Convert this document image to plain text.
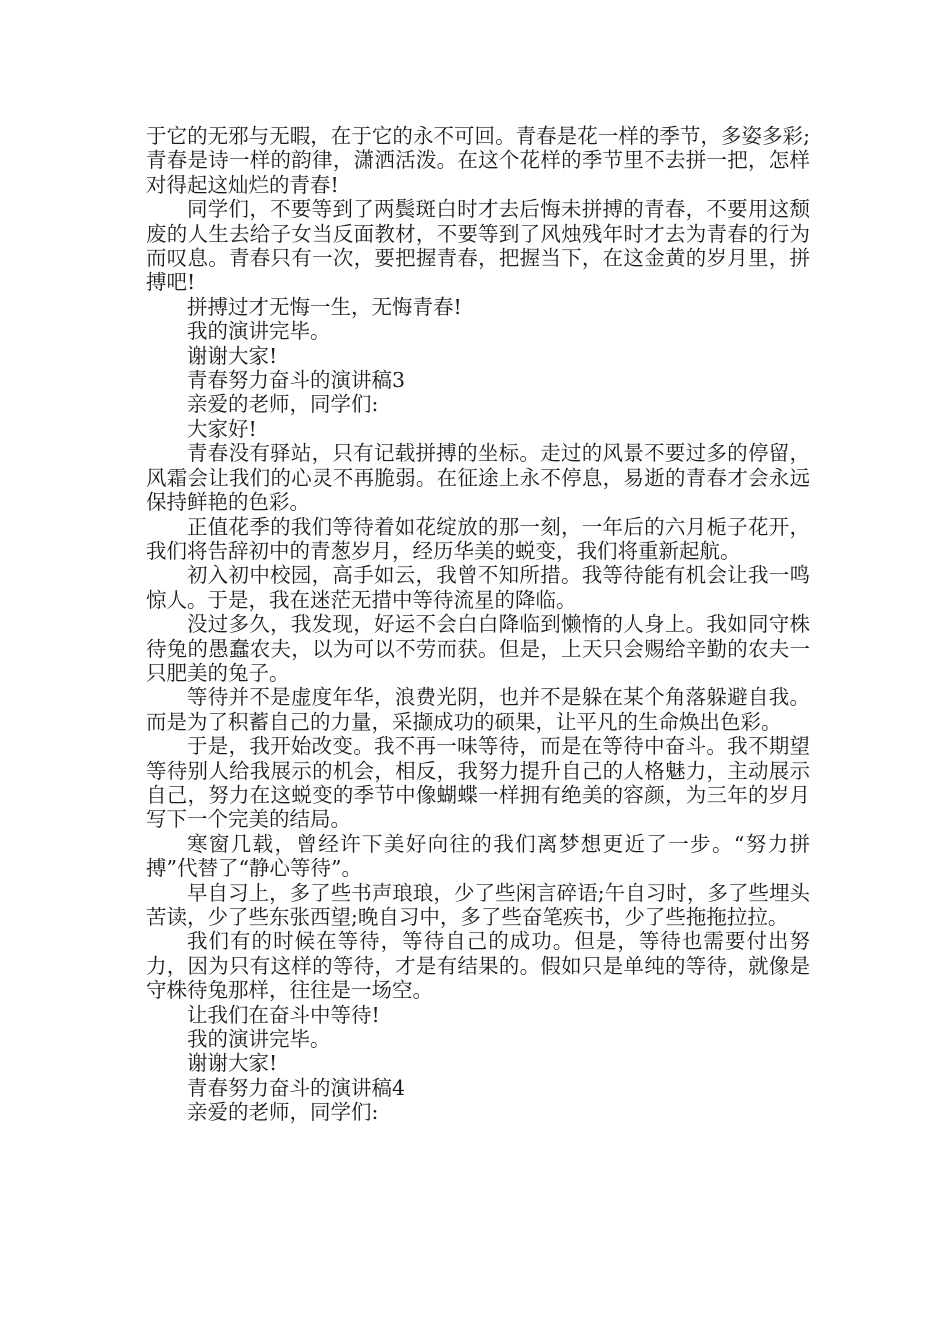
于它的无邪与无暇，在于它的永不可回。青春是花一样的季节，多姿多彩;青春是诗一样的韵律，潇洒活泼。在这个花样的季节里不去拼一把，怎样对得起这灿烂的青春!

同学们，不要等到了两鬓斑白时才去后悔未拼搏的青春，不要用这颓废的人生去给子女当反面教材，不要等到了风烛残年时才去为青春的行为而叹息。青春只有一次，要把握青春，把握当下，在这金黄的岁月里，拼搏吧!

拼搏过才无悔一生，无悔青春!

我的演讲完毕。

谢谢大家!

青春努力奋斗的演讲稿3

亲爱的老师，同学们:

大家好!

青春没有驿站，只有记载拼搏的坐标。走过的风景不要过多的停留，风霜会让我们的心灵不再脆弱。在征途上永不停息，易逝的青春才会永远保持鲜艳的色彩。

正值花季的我们等待着如花绽放的那一刻，一年后的六月栀子花开，我们将告辞初中的青葱岁月，经历华美的蜕变，我们将重新起航。

初入初中校园，高手如云，我曾不知所措。我等待能有机会让我一鸣惊人。于是，我在迷茫无措中等待流星的降临。

没过多久，我发现，好运不会白白降临到懒惰的人身上。我如同守株待兔的愚蠢农夫，以为可以不劳而获。但是，上天只会赐给辛勤的农夫一只肥美的兔子。

等待并不是虚度年华，浪费光阴，也并不是躲在某个角落躲避自我。而是为了积蓄自己的力量，采撷成功的硕果，让平凡的生命焕出色彩。

于是，我开始改变。我不再一味等待，而是在等待中奋斗。我不期望等待别人给我展示的机会，相反，我努力提升自己的人格魅力，主动展示自己，努力在这蜕变的季节中像蝴蝶一样拥有绝美的容颜，为三年的岁月写下一个完美的结局。

寒窗几载，曾经许下美好向往的我们离梦想更近了一步。“努力拼搏”代替了“静心等待”。

早自习上，多了些书声琅琅，少了些闲言碎语;午自习时，多了些埋头苦读，少了些东张西望;晚自习中，多了些奋笔疾书，少了些拖拖拉拉。

我们有的时候在等待，等待自己的成功。但是，等待也需要付出努力，因为只有这样的等待，才是有结果的。假如只是单纯的等待，就像是守株待兔那样，往往是一场空。

让我们在奋斗中等待!

我的演讲完毕。

谢谢大家!

青春努力奋斗的演讲稿4

亲爱的老师，同学们:
